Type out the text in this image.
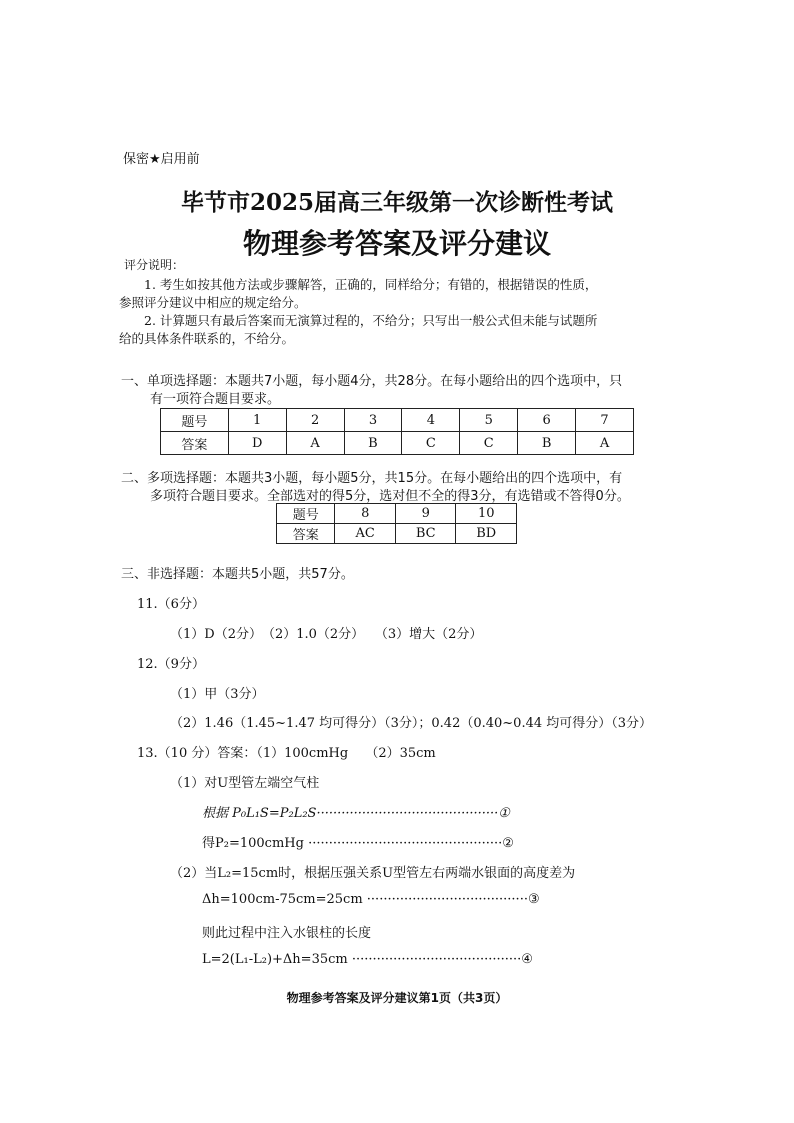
保密★启用前
毕节市2025届高三年级第一次诊断性考试
物理参考答案及评分建议
评分说明：
1. 考生如按其他方法或步骤解答，正确的，同样给分；有错的，根据错误的性质，
参照评分建议中相应的规定给分。
2. 计算题只有最后答案而无演算过程的，不给分；只写出一般公式但未能与试题所
给的具体条件联系的，不给分。
一、单项选择题：本题共7小题，每小题4分，共28分。在每小题给出的四个选项中，只
有一项符合题目要求。
题号	1	2	3	4	5	6	7
答案	D	A	B	C	C	B	A
二、多项选择题：本题共3小题，每小题5分，共15分。在每小题给出的四个选项中，有
多项符合题目要求。全部选对的得5分，选对但不全的得3分，有选错或不答得0分。
题号	8	9	10
答案	AC	BC	BD
三、非选择题：本题共5小题，共57分。
11.（6分）
（1）D（2分）　（2）1.0（2分）　 （3）增大（2分）
12.（9分）
（1）甲（3分）
（2）1.46（1.45~1.47 均可得分）（3分）；0.42（0.40~0.44 均可得分）（3分）
13.（10 分）答案：（1）100cmHg　 （2）35cm
（1）对U型管左端空气柱
根据 P₀L₁S=P₂L₂S············································①
得P₂=100cmHg ···············································②
（2）当L₂=15cm时，根据压强关系U型管左右两端水银面的高度差为
Δh=100cm-75cm=25cm ·······································③
则此过程中注入水银柱的长度
L=2(L₁-L₂)+Δh=35cm ·········································④
物理参考答案及评分建议第1页（共3页）
